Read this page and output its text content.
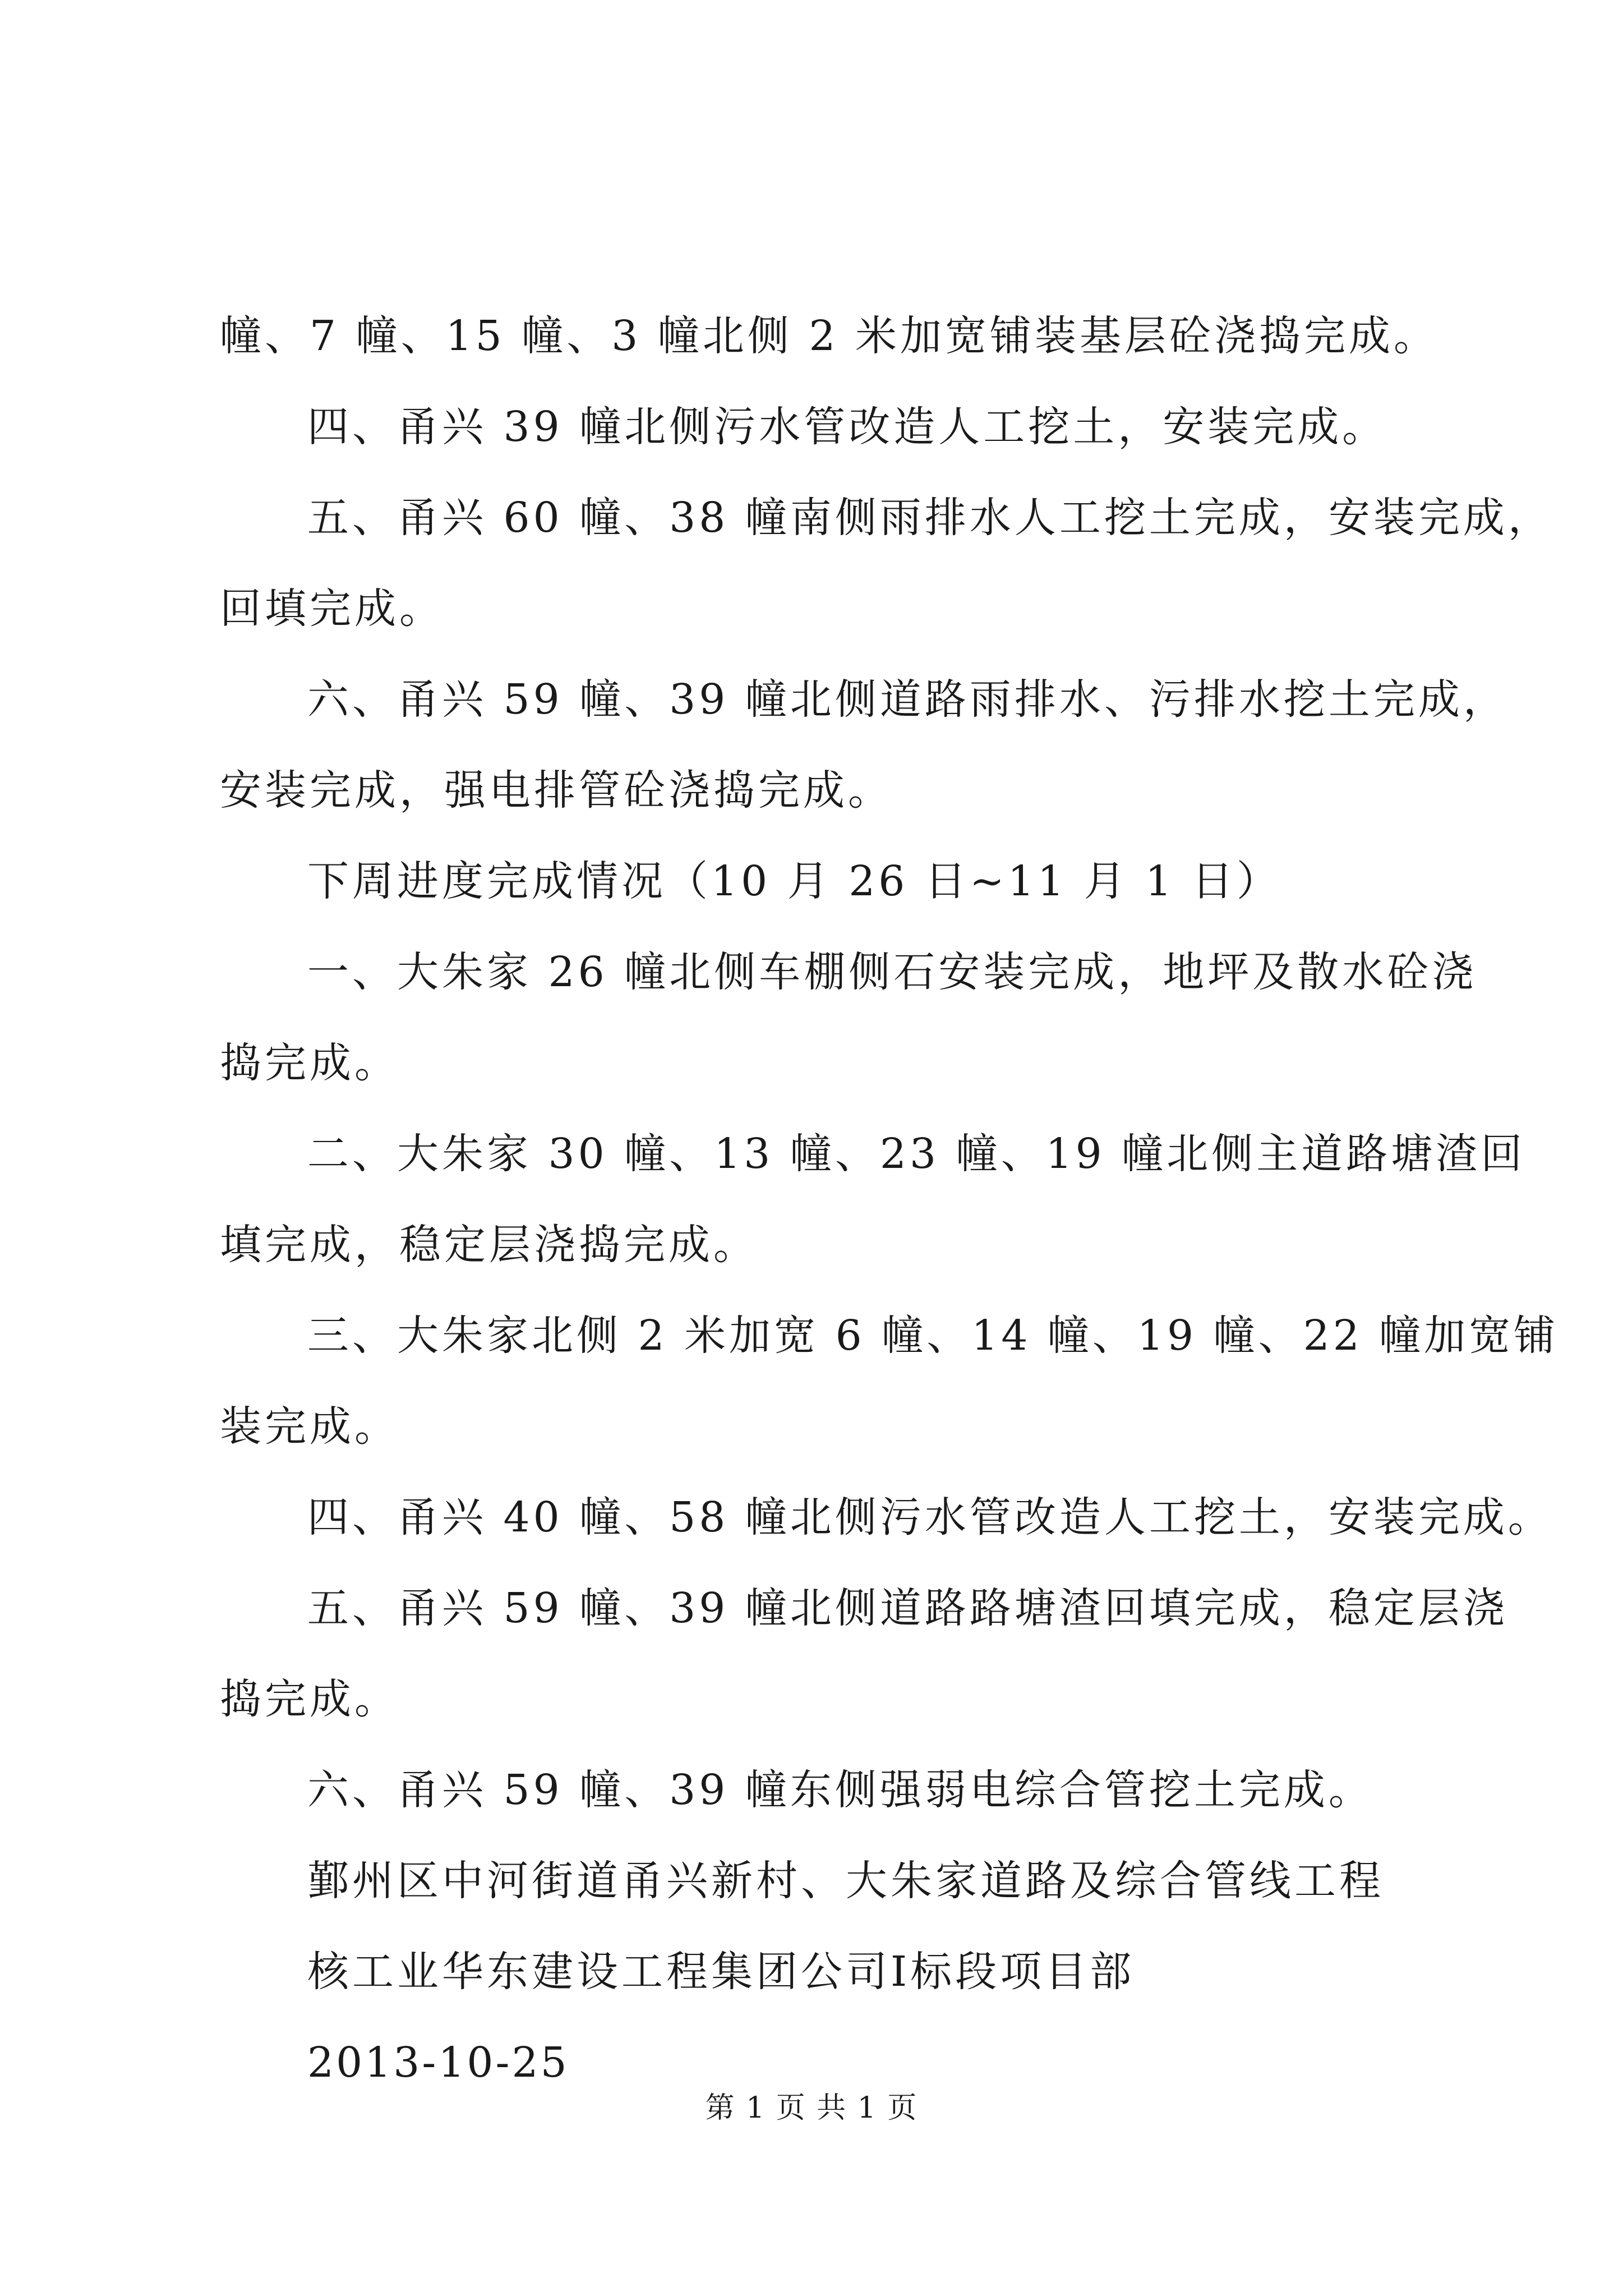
幢、7 幢、15 幢、3 幢北侧 2 米加宽铺装基层砼浇捣完成。
四、甬兴 39 幢北侧污水管改造人工挖土，安装完成。
五、甬兴 60 幢、38 幢南侧雨排水人工挖土完成，安装完成，
回填完成。
六、甬兴 59 幢、39 幢北侧道路雨排水、污排水挖土完成，
安装完成，强电排管砼浇捣完成。
下周进度完成情况（10 月 26 日~11 月 1 日）
一、大朱家 26 幢北侧车棚侧石安装完成，地坪及散水砼浇
捣完成。
二、大朱家 30 幢、13 幢、23 幢、19 幢北侧主道路塘渣回
填完成，稳定层浇捣完成。
三、大朱家北侧 2 米加宽 6 幢、14 幢、19 幢、22 幢加宽铺
装完成。
四、甬兴 40 幢、58 幢北侧污水管改造人工挖土，安装完成。
五、甬兴 59 幢、39 幢北侧道路路塘渣回填完成，稳定层浇
捣完成。
六、甬兴 59 幢、39 幢东侧强弱电综合管挖土完成。
鄞州区中河街道甬兴新村、大朱家道路及综合管线工程
核工业华东建设工程集团公司Ⅰ标段项目部
2013-10-25
第 1 页 共 1 页
